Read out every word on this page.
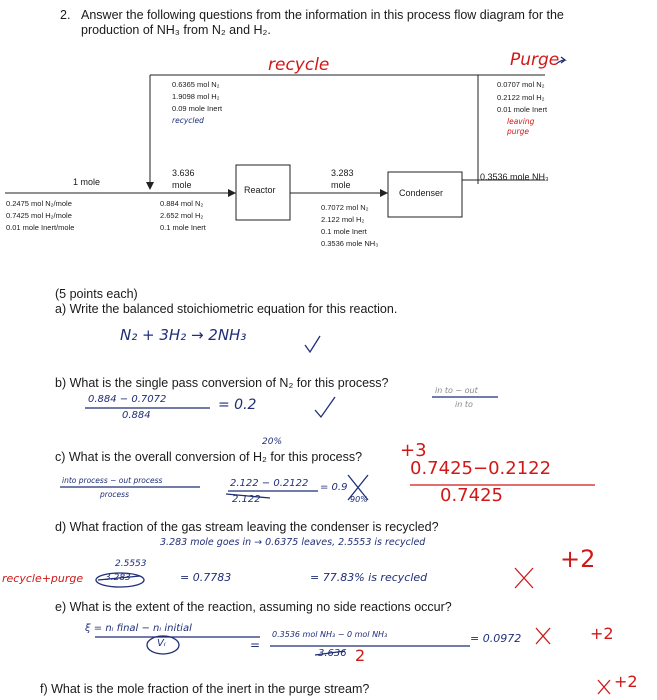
2. Answer the following questions from the information in this process flow diagram for the
production of NH₃ from N₂ and H₂.
recycle	Purge
0.6365 mol N₂
1.9098 mol H₂
0.09 mole Inert
recycled
0.0707 mol N₂
0.2122 mol H₂
0.01 mole Inert
leaving
purge
1 mole
0.2475 mol N₂/mole
0.7425 mol H₂/mole
0.01 mole Inert/mole
3.636
mole
0.884 mol N₂
2.652 mol H₂
0.1 mole Inert
Reactor
3.283
mole
0.7072 mol N₂
2.122 mol H₂
0.1 mole Inert
0.3536 mole NH₃
Condenser
0.3536 mole NH₃
(5 points each)
a) Write the balanced stoichiometric equation for this reaction.
N₂ + 3H₂ → 2NH₃
b) What is the single pass conversion of N₂ for this process?
0.884 − 0.7072
0.884
= 0.2
in to − out
in to
20%
c) What is the overall conversion of H₂ for this process?
into process − out process
process
2.122 − 0.2122
2.122
= 0.9
90%
+3
0.7425−0.2122
0.7425
d) What fraction of the gas stream leaving the condenser is recycled?
3.283 mole goes in → 0.6375 leaves, 2.5553 is recycled
recycle+purge
2.5553
3.283	= 0.7783	= 77.83% is recycled
+2
e) What is the extent of the reaction, assuming no side reactions occur?
ξ = nᵢ final − nᵢ initial
Vᵢ	=
0.3536 mol NH₃ − 0 mol NH₃
3.636 2
= 0.0972	+2
f) What is the mole fraction of the inert in the purge stream?	+2
